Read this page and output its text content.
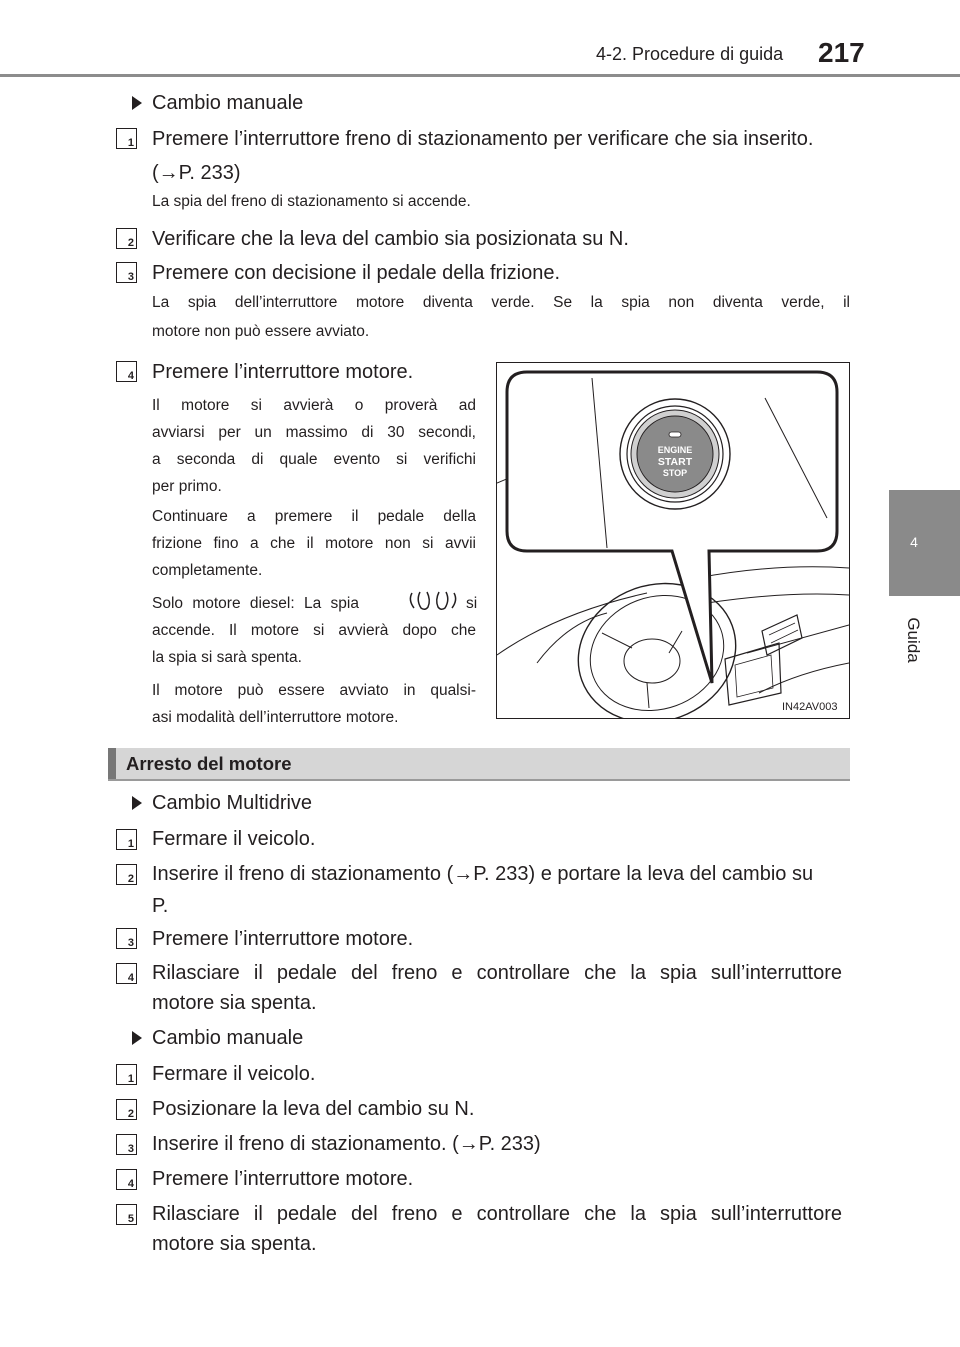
4-2. Procedure di guida 217
4
Guida
Cambio manuale
1 Premere l’interruttore freno di stazionamento per verificare che sia inserito.
(→P. 233)
La spia del freno di stazionamento si accende.
2 Verificare che la leva del cambio sia posizionata su N.
3 Premere con decisione il pedale della frizione.
La spia dell’interruttore motore diventa verde. Se la spia non diventa verde, il
motore non può essere avviato.
4 Premere l’interruttore motore.
Il motore si avvierà o proverà ad
avviarsi per un massimo di 30 secondi,
a seconda di quale evento si verifichi
per primo.
Continuare a premere il pedale della
frizione fino a che il motore non si avvii
completamente.
Solo motore diesel: La spia	si
accende. Il motore si avvierà dopo che
la spia si sarà spenta.
Il motore può essere avviato in qualsi-
asi modalità dell’interruttore motore.
ENGINE
START
STOP
IN42AV003
Arresto del motore
Cambio Multidrive
1 Fermare il veicolo.
2 Inserire il freno di stazionamento (→P. 233) e portare la leva del cambio su
P.
3 Premere l’interruttore motore.
4 Rilasciare il pedale del freno e controllare che la spia sull’interruttore
motore sia spenta.
Cambio manuale
1 Fermare il veicolo.
2 Posizionare la leva del cambio su N.
3 Inserire il freno di stazionamento. (→P. 233)
4 Premere l’interruttore motore.
5 Rilasciare il pedale del freno e controllare che la spia sull’interruttore
motore sia spenta.
